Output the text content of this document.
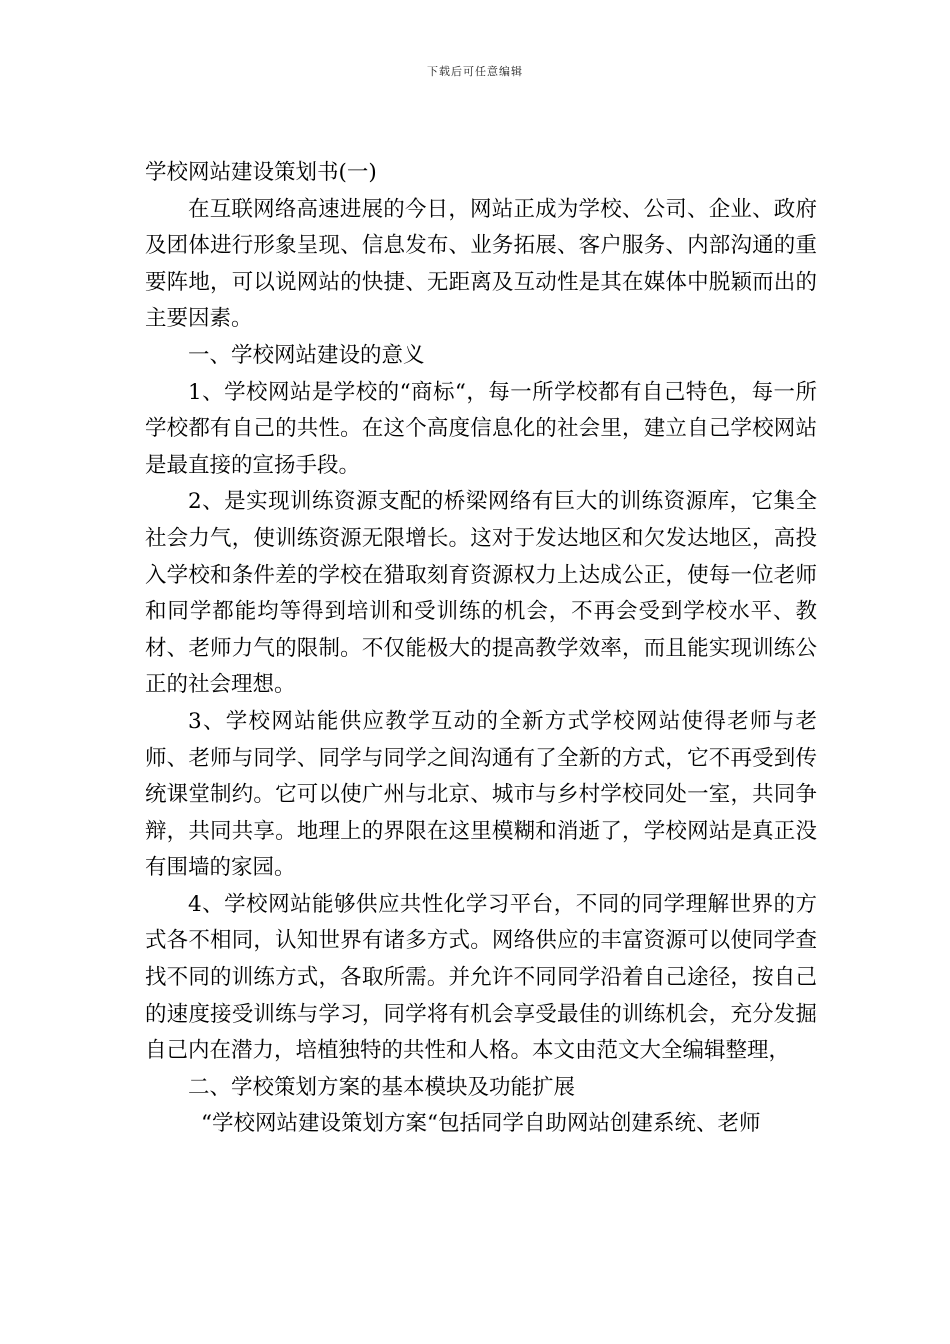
下载后可任意编辑

学校网站建设策划书(一)

在互联网络高速进展的今日，网站正成为学校、公司、企业、政府及团体进行形象呈现、信息发布、业务拓展、客户服务、内部沟通的重要阵地，可以说网站的快捷、无距离及互动性是其在媒体中脱颖而出的主要因素。

一、学校网站建设的意义

1、学校网站是学校的“商标“，每一所学校都有自己特色，每一所学校都有自己的共性。在这个高度信息化的社会里，建立自己学校网站是最直接的宣扬手段。

2、是实现训练资源支配的桥梁网络有巨大的训练资源库，它集全社会力气，使训练资源无限增长。这对于发达地区和欠发达地区，高投入学校和条件差的学校在猎取刻育资源权力上达成公正，使每一位老师和同学都能均等得到培训和受训练的机会，不再会受到学校水平、教材、老师力气的限制。不仅能极大的提高教学效率，而且能实现训练公正的社会理想。

3、学校网站能供应教学互动的全新方式学校网站使得老师与老师、老师与同学、同学与同学之间沟通有了全新的方式，它不再受到传统课堂制约。它可以使广州与北京、城市与乡村学校同处一室，共同争辩，共同共享。地理上的界限在这里模糊和消逝了，学校网站是真正没有围墙的家园。

4、学校网站能够供应共性化学习平台，不同的同学理解世界的方式各不相同，认知世界有诸多方式。网络供应的丰富资源可以使同学查找不同的训练方式，各取所需。并允许不同同学沿着自己途径，按自己的速度接受训练与学习，同学将有机会享受最佳的训练机会，充分发掘自己内在潜力，培植独特的共性和人格。本文由范文大全编辑整理，

二、学校策划方案的基本模块及功能扩展

“学校网站建设策划方案“包括同学自助网站创建系统、老师
